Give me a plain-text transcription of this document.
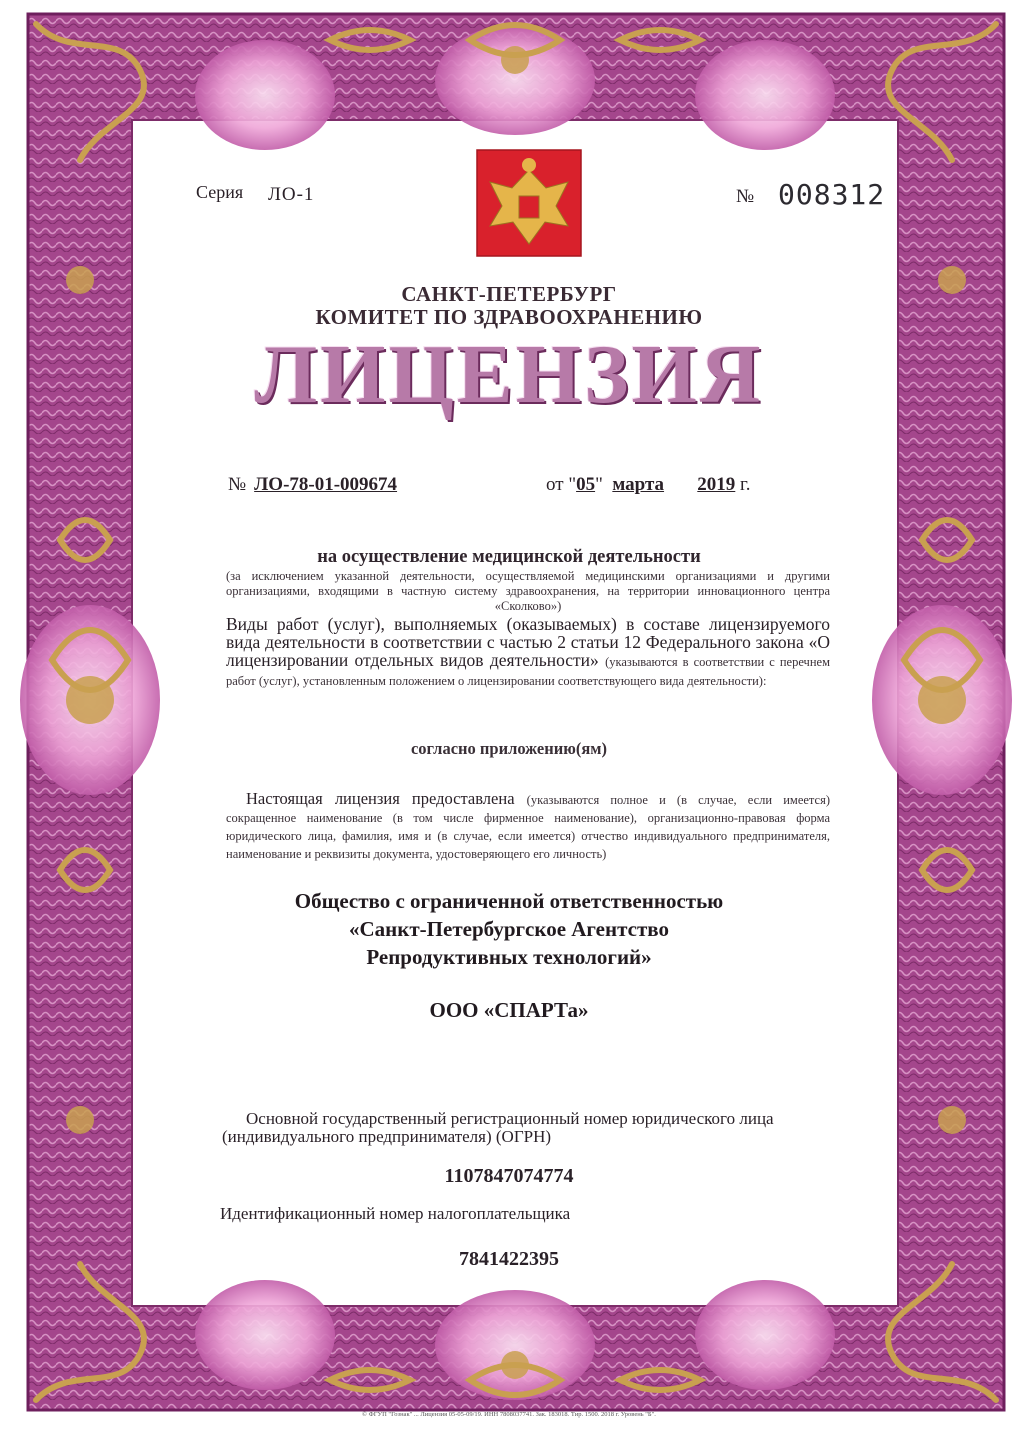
Серия ЛО-1	№ 008312
САНКТ-ПЕТЕРБУРГ
КОМИТЕТ ПО ЗДРАВООХРАНЕНИЮ
ЛИЦЕНЗИЯ
№ ЛО-78-01-009674	от "05"  марта 2019 г.
на осуществление медицинской деятельности
(за исключением указанной деятельности, осуществляемой медицинскими организациями и другими организациями, входящими в частную систему здравоохранения, на территории инновационного центра «Сколково»)
Виды работ (услуг), выполняемых (оказываемых) в составе лицензируемого вида деятельности в соответствии с частью 2 статьи 12 Федерального закона «О лицензировании отдельных видов деятельности» (указываются в соответствии с перечнем работ (услуг), установленным положением о лицензировании соответствующего вида деятельности):
согласно приложению(ям)
Настоящая лицензия предоставлена (указываются полное и (в случае, если имеется) сокращенное наименование (в том числе фирменное наименование), организационно-правовая форма юридического лица, фамилия, имя и (в случае, если имеется) отчество индивидуального предпринимателя, наименование и реквизиты документа, удостоверяющего его личность)
Общество с ограниченной ответственностью
«Санкт-Петербургское Агентство
Репродуктивных технологий»
ООО «СПАРТа»
Основной государственный регистрационный номер юридического лица
(индивидуального предпринимателя) (ОГРН)
1107847074774
Идентификационный номер налогоплательщика
7841422395
© ФГУП "Гознак" ... Лицензия 05-05-09/19. ИНН 7808037741. Зак. 183018. Тир. 1500. 2018 г. Уровень "Б".
